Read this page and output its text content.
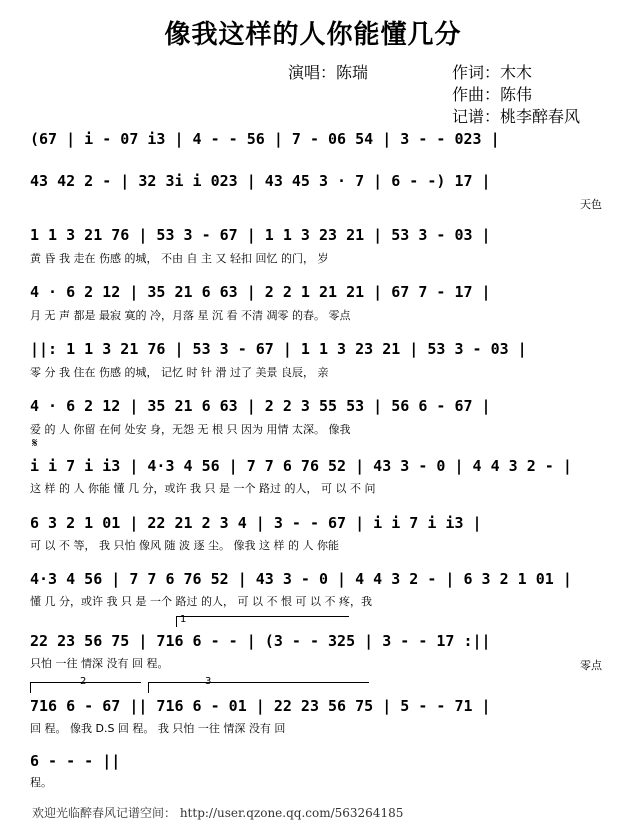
像我这样的人你能懂几分
演唱：陈瑞	作词：木木
作曲：陈伟
记谱：桃李醉春风
(67 | i - 07 i3 | 4 - - 56 | 7 - 06 54 | 3 - - 023 |
43 42 2 - | 32 3i i 023 | 43 45 3 · 7 | 6 - -) 17 |
天色
1 1 3 21 76 | 53 3 - 67 | 1 1 3 23 21 | 53 3 - 03 |
黄 昏 我 走在 伤感 的城， 不由 自 主 又 轻扣 回忆 的门， 岁
4 · 6 2 12 | 35 21 6 63 | 2 2 1 21 21 | 67 7 - 17 |
月 无 声 都是 最寂 寞的 冷，月落 星 沉 看 不清 凋零 的春。 零点
||: 1 1 3 21 76 | 53 3 - 67 | 1 1 3 23 21 | 53 3 - 03 |
零 分 我 住在 伤感 的城， 记忆 时 针 滑 过了 美景 良辰， 亲
4 · 6 2 12 | 35 21 6 63 | 2 2 3 55 53 | 56 6 - 67 |
爱 的 人 你留 在何 处安 身，无怨 无 根 只 因为 用情 太深。 像我
𝄋
i i 7 i i3 | 4·3 4 56 | 7 7 6 76 52 | 43 3 - 0 | 4 4 3 2 - |
这 样 的 人 你能 懂 几 分，或许 我 只 是 一个 路过 的人， 可 以 不 问
6 3 2 1 01 | 22 21 2 3 4 | 3 - - 67 | i i 7 i i3 |
可 以 不 等， 我 只怕 像风 随 波 逐 尘。 像我 这 样 的 人 你能
4·3 4 56 | 7 7 6 76 52 | 43 3 - 0 | 4 4 3 2 - | 6 3 2 1 01 |
懂 几 分，或许 我 只 是 一个 路过 的人， 可 以 不 恨 可 以 不 疼，我
1
22 23 56 75 | 716 6 - - | (3 - - 325 | 3 - - 17 :||
只怕 一往 情深 没有 回 程。	零点
2	3
716 6 - 67 || 716 6 - 01 | 22 23 56 75 | 5 - - 71 |
回 程。 像我 D.S 回 程。 我 只怕 一往 情深 没有 回
6 - - - ||
程。
欢迎光临醉春风记谱空间： http://user.qzone.qq.com/563264185
